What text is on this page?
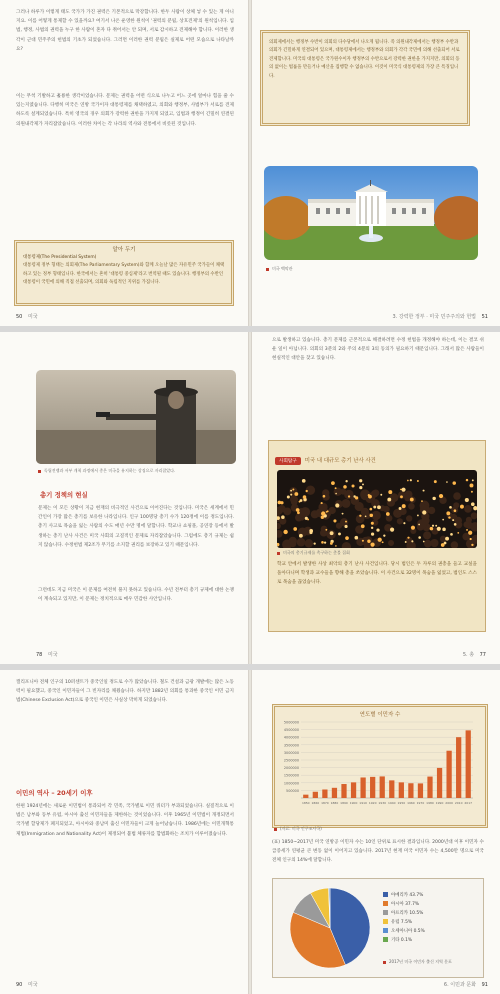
그러나 하루가 이렇게 태도 국가가 가진 권력은 기본적으로 막강합니다. 한두 사람이 상체 넣 수 있는 게 아니지요. 이를 어떻게 통제할 수 있을까요? 여기서 나온 운영한 원칙이 '권력의 분립, 상호견제'의 원칙입니다. 입법, 행정, 사법의 권력을 누구 한 사람이 혼자 다 쥐어서는 안 되며, 서로 감시하고 견제해야 합니다. 이러한 생각이 근대 민주주의 헌법의 기초가 되었습니다. 그러면 이러한 권력 분립은 실제로 어떤 모습으로 나타날까요?

이는 무척 기발하고 훌륭한 생각이었습니다. 문제는 권력을 어떤 식으로 나누고 어느 곳에 얼마나 힘을 줄 수 있는지였습니다. 다행히 미국은 연방 국가이자 대통령제를 채택하였고, 의회와 행정부, 사법부가 서로를 견제하도록 설계되었습니다. 특히 영국의 경우 의회가 강력한 권한을 가지게 되었고, 입법과 행정이 긴밀히 연결된 의원내각제가 자리잡았습니다. 이러한 차이는 각 나라의 역사와 전통에서 비롯된 것입니다.

알아 두기

대통령제(The Presidential System)

대통령제 정부 형태는 의회제(The Parliamentary System)와 함께 오늘날 많은 자유민주 국가들이 채택하고 있는 정부 형태입니다. 한국에서는 흔히 '대통령 중심제'라고 번역될 때도 있습니다. 행정부의 수반인 대통령이 국민에 의해 직접 선출되며, 의회와 독립적인 지위를 가집니다.

50 미국

의회제에서는 행정부 수반이 의회의 다수당에서 나오게 됩니다. 즉 의원내각제에서는 행정부 수반과 의회가 긴밀하게 연결되어 있으며, 대통령제에서는 행정부와 의회가 각각 국민에 의해 선출되어 서로 견제합니다. 미국의 대통령은 국가원수이자 행정부의 수반으로서 강력한 권한을 가지지만, 의회의 동의 없이는 법률을 만들거나 예산을 집행할 수 없습니다. 이것이 미국식 대통령제의 가장 큰 특징입니다.

미국 백악관
3. 강력한 정부 · 미국 민주주의와 헌법 51
독립전쟁과 서부 개척 과정에서 총은 미국을 유지하는 상징으로 자리잡았다.
총기 정책의 현실

문제는 이 모든 상황이 지금 현재의 비극적인 사건으로 이어진다는 것입니다. 미국은 세계에서 민간인이 가장 많은 총기를 보유한 나라입니다. 인구 100명당 총기 수가 120정에 이를 정도입니다. 총기 사고로 목숨을 잃는 사람의 수도 매년 수만 명에 달합니다. 학교나 쇼핑몰, 공연장 등에서 발생하는 총기 난사 사건은 미국 사회의 고질적인 문제로 자리잡았습니다. 그럼에도 총기 규제는 쉽지 않습니다. 수정헌법 제2조가 무기를 소지할 권리를 보장하고 있기 때문입니다.

그런데도 지금 미국은 이 문제를 여전히 풀지 못하고 있습니다. 수년 전부터 총기 규제에 대한 논쟁이 계속되고 있지만, 이 문제는 정치적으로 매우 민감한 사안입니다.

78 미국

으로 발생하고 있습니다. 총기 문제를 근본적으로 해결하려면 수정 헌법을 개정해야 하는데, 이는 결코 쉬운 일이 아닙니다. 의회의 3분의 2와 주의 4분의 3의 동의가 필요하기 때문입니다. 그래서 많은 사람들이 현실적인 대안을 찾고 있습니다.

사회탐구 미국 내 대규모 총기 난사 사건
미국의 총기규제를 촉구하는 촛불 집회

학교 안에서 발생한 사상 최악의 총기 난사 사건입니다. 당시 범인은 두 자루의 권총을 들고 교실을 돌아다니며 학생과 교수들을 향해 총을 쏘았습니다. 이 사건으로 32명이 목숨을 잃었고, 범인도 스스로 목숨을 끊었습니다.

5. 총 77

캘리포니아 전체 인구의 10퍼센트가 중국인일 정도로 수가 많았습니다. 철도 건설과 금광 개발에는 많은 노동력이 필요했고, 중국인 이민자들이 그 빈자리를 채웠습니다. 하지만 1882년 의회를 통과한 중국인 이민 금지법(Chinese Exclusion Act)으로 중국인 이민은 사실상 막히게 되었습니다.

이민의 역사 – 20세기 이후

한편 1924년에는 새로운 이민법이 통과되어 각 민족, 국가별로 이민 쿼터가 부과되었습니다. 실질적으로 이 법은 남부와 동부 유럽, 아시아 출신 이민자들을 제한하는 것이었습니다. 이후 1965년 이민법이 개정되면서 국가별 할당제가 폐지되었고, 아시아와 중남미 출신 이민자들이 크게 늘어났습니다. 1986년에는 이민개혁통제법(Immigration and Nationality Act)이 제정되어 불법 체류자를 합법화하는 조치가 이루어졌습니다.

90 미국
연도별 이민자 수
500000
1000000
1500000
2000000
2500000
3000000
3500000
4000000
4500000
5000000
1850 1860 1870 1880 1890 1900 1910 1920 1930 1940 1950 1960 1970 1980 1990 2000 2010 2017
(자료: 미국 인구조사국)

(표) 1850~2017년 미국 연방공 이민자 수는 10인 단위로 표시한 결과입니다. 2000년대 이후 이민자 수 급증세가 연평균 큰 변동 없이 이어지고 있습니다. 2017년 현재 미국 이민자 수는 4,500만 명으로 미국 전체 인구의 14%에 달합니다.

아메리카 43.7%
아시아 37.7%
아프리카 10.5%
유럽 7.5%
오세아니아 0.5%
기타 0.1%
2017년 미국 이민자 출신 지역 분포
6. 이민과 문화 91
